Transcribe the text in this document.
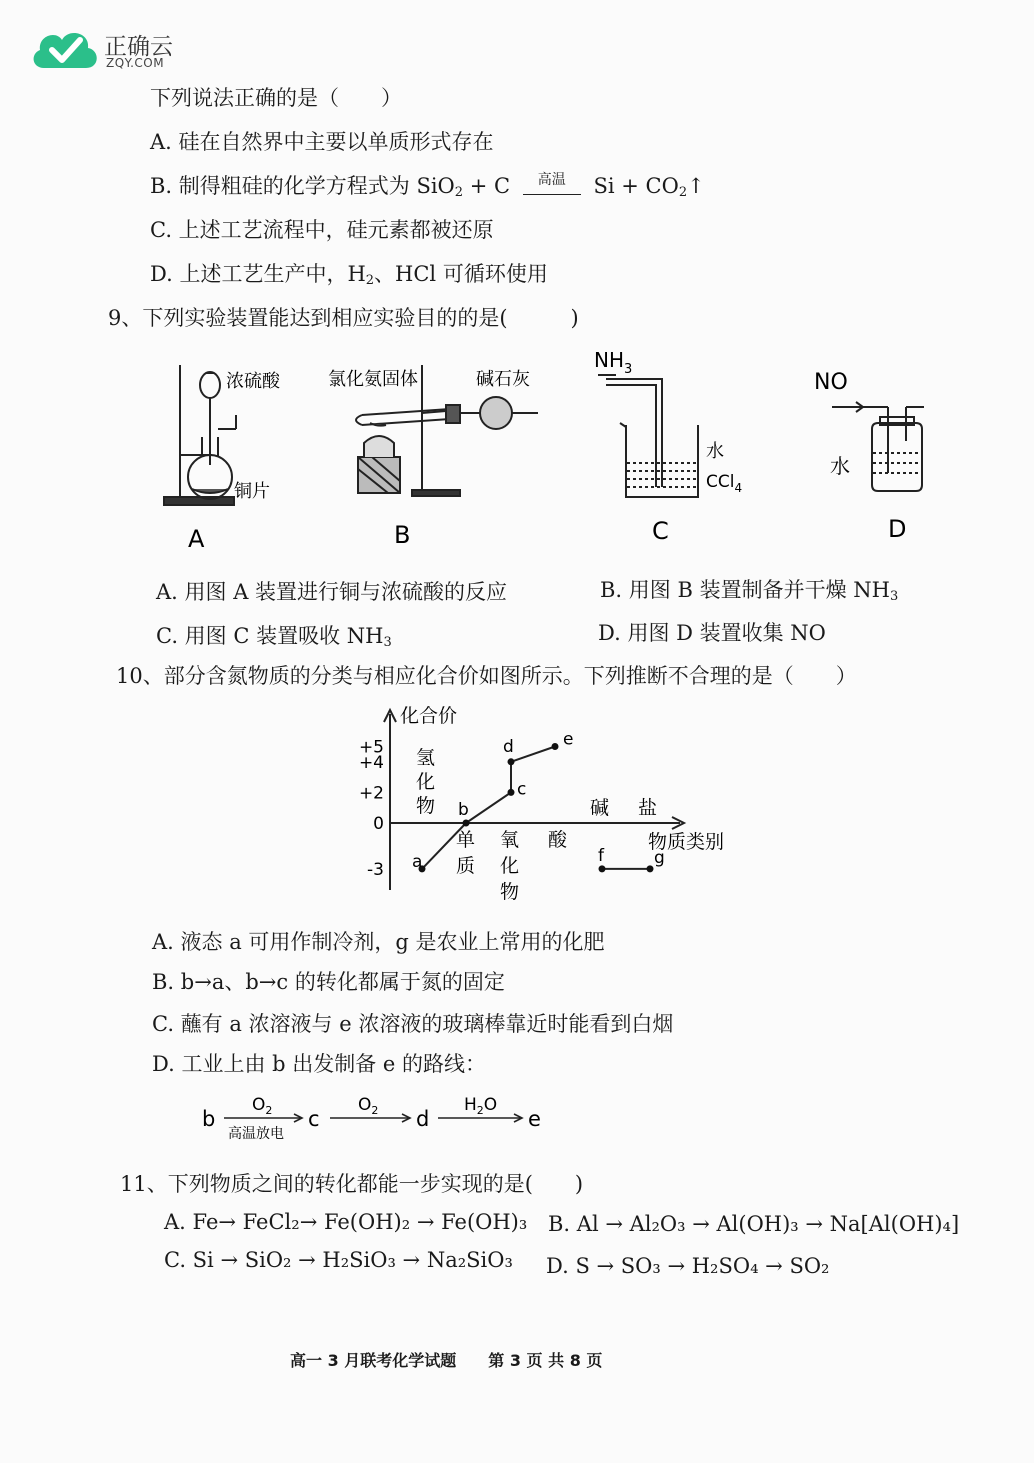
正确云
ZQY.COM
下列说法正确的是（　　）
A. 硅在自然界中主要以单质形式存在
B. 制得粗硅的化学方程式为 SiO$_2$ + C $^{高温}$ $Si + CO_2↑$
C. 上述工艺流程中，硅元素都被还原
D. 上述工艺生产中，$H_2$、HCl 可循环使用
9、下列实验装置能达到相应实验目的的是(　　　)
浓硫酸
铜片
A
氯化氨固体	碱石灰
B
$NH_3$
水
CCl$_4$
C
NO
水
D
A. 用图 A 装置进行铜与浓硫酸的反应	B. 用图 B 装置制备并干燥 $NH_3$
C. 用图 C 装置吸收 $NH_3$	D. 用图 D 装置收集 NO
10、部分含氮物质的分类与相应化合价如图所示。下列推断不合理的是（　　）
化合价
物质类别
+5
+4
+2
0
-3 a
b
c
d	e
f	g
氢 化 物
单 质
氧 化 物
酸
碱 盐
A. 液态 a 可用作制冷剂，g 是农业上常用的化肥
B. b→a、b→c 的转化都属于氮的固定
C. 蘸有 a 浓溶液与 e 浓溶液的玻璃棒靠近时能看到白烟
D. 工业上由 b 出发制备 e 的路线：
b	c	d	e
$O_2$
高温放电
$O_2$	$H_2O$
11、下列物质之间的转化都能一步实现的是(　　)
A. Fe→ FeCl₂→ Fe(OH)₂ → Fe(OH)₃ B. Al → Al₂O₃ → Al(OH)₃ → Na[Al(OH)₄]
C. Si → SiO₂ → H₂SiO₃ → Na₂SiO₃ D. S → SO₃ → H₂SO₄ → SO₂
高一 3 月联考化学试题　　第 3 页 共 8 页
